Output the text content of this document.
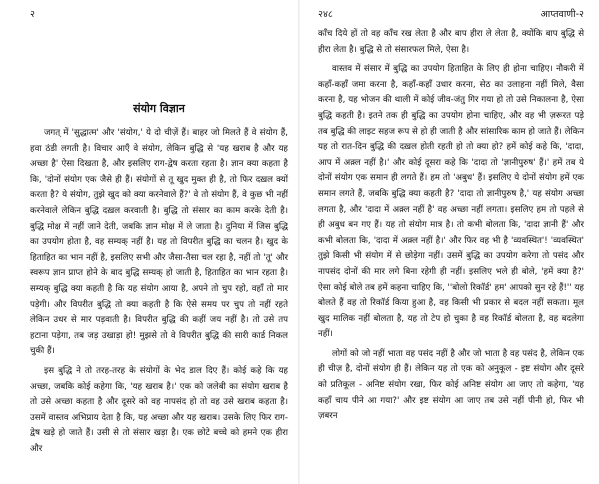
२
संयोग विज्ञान

जगत् में 'सुद्धात्म' और 'संयोग,' ये दो चीज़ें हैं। बाहर जो मिलते हैं वे संयोग हैं, हवा ठंडी लगती है। विचार आएँ वे संयोग, लेकिन बुद्धि से 'यह खराब है और यह अच्छा है' ऐसा दिखता है, और इसलिए राग-द्वेष करता रहता है। ज्ञान क्या कहता है कि, 'दोनों संयोग एक जैसे ही हैं। संयोगों से तू खुद मुक्त ही है, तो फिर दख़ल क्यों करता है? ये संयोग, तुझे खुद को क्या करनेवाले हैं?' वे तो संयोग हैं, वे कुछ भी नहीं करनेवाले लेकिन बुद्धि दख़ल करवाती है। बुद्धि तो संसार का काम करके देती है। बुद्धि मोक्ष में नहीं जाने देती, जबकि ज्ञान मोक्ष में ले जाता है। दुनिया में जिस बुद्धि का उपयोग होता है, वह सम्यक् नहीं है। यह तो विपरीत बुद्धि का चलन है। खुद के हिताहित का भान नहीं है, इसलिए सभी और जैसा-तैसा चल रहा है, नहीं तो 'तू' और स्वरूप ज्ञान प्राप्त होने के बाद बुद्धि सम्यक् हो जाती है, हिताहित का भान रहता है। सम्यक् बुद्धि क्या कहती है कि यह संयोग आया है, अपने तो चुप रहो, वहाँ तो मार पड़ेगी। और विपरीत बुद्धि तो क्या कहती है कि ऐसे समय पर चुप तो नहीं रहते लेकिन उधर से मार पड़वाती है। विपरीत बुद्धि की कहीं जय नहीं है। तो उसे तप हटाना पड़ेगा, तब जड़ उखाड़ा हो! मुझसे तो वे विपरीत बुद्धि की सारी कार्ड निकल चुकी हैं।

इस बुद्धि ने तो तरह-तरह के संयोगों के भेद डाल दिए हैं। कोई कहे कि यह अच्छा, जबकि कोई कहेगा कि, 'यह खराब है।' एक को जलेबी का संयोग खराब है तो उसे अच्छा कहता है और दूसरे को वह नापसंद हो तो वह उसे खराब कहता है। उसमें वास्तव अभिप्राय देता है कि, यह अच्छा और यह खराब। उसके लिए फिर राग-द्वेष खड़े हो जाते हैं। उसी से तो संसार खड़ा है। एक छोटे बच्चे को हमने एक हीरा और

२४८	आप्तवाणी-२

काँच दिये हों तो वह काँच रख लेता है और बाप हीरा ले लेता है, क्योंकि बाप बुद्धि से हीरा लेता है। बुद्धि से तो संसारफल मिले, ऐसा है।

वास्तव में संसार में बुद्धि का उपयोग हिताहित के लिए ही होना चाहिए। नौकरी में कहाँ-कहाँ जमा करना है, कहाँ-कहाँ उधार करना, सेठ का उलाहना नहीं मिले, वैसा करना है, यह भोजन की थाली में कोई जीव-जंतु गिर गया हो तो उसे निकालना है, ऐसा बुद्धि कहती है। इतने तक ही बुद्धि का उपयोग होना चाहिए, और वह भी ज़रूरत पड़े तब बुद्धि की लाइट सहज रूप से हो ही जाती है और सांसारिक काम हो जाते हैं। लेकिन यह तो रात-दिन बुद्धि की दख़ल होती रहती हो तो क्या हो? हमें कोई कहे कि, 'दादा, आप में अक़्ल नहीं है।' और कोई दूसरा कहे कि 'दादा तो 'ज्ञानीपुरुष' हैं।' हमें तब ये दोनों संयोग एक समान ही लगते हैं। हम तो 'अबुध' हैं। इसलिए ये दोनों संयोग हमें एक समान लगते हैं, जबकि बुद्धि क्या कहती है? 'दादा तो ज्ञानीपुरुष है,' यह संयोग अच्छा लगता है, और 'दादा में अक़्ल नहीं है' वह अच्छा नहीं लगता। इसलिए हम तो पहले से ही अबुध बन गए हैं। यह तो संयोग मात्र है। तो कभी बोलता कि, 'दादा ज्ञानी हैं' और कभी बोलता कि, 'दादा में अक़्ल नहीं है।' और फिर वह भी है 'व्यवस्थित'! 'व्यवस्थित' तुझे किसी भी संयोग में से छोड़ेगा नहीं। उसमें बुद्धि का उपयोग करेगा तो पसंद और नापसंद दोनों की मार लगे बिना रहेगी ही नहीं। इसलिए भले ही बोले, 'हमें क्या है?' ऐसा कोई बोले तब हमें कहना चाहिए कि, ''बोलो रिकॉर्ड' हम' आपको सुन रहे हैं!'' यह बोलते हैं वह तो रिकॉर्ड किया हुआ है, वह किसी भी प्रकार से बदल नहीं सकता। मूल खुद मालिक नहीं बोलता है, यह तो टेप हो चुका है वह रिकॉर्ड बोलता है, वह बदलेगा नहीं।

लोगों को जो नहीं भाता वह पसंद नहीं है और जो भाता है वह पसंद है, लेकिन एक ही चीज़ है, दोनों संयोग ही हैं। लेकिन यह तो एक को अनुकूल - इष्ट संयोग और दूसरे को प्रतिकूल - अनिष्ट संयोग रखा, फिर कोई अनिष्ट संयोग आ जाए तो कहेगा, 'यह कहाँ चाय पीने आ गया?' और इष्ट संयोग आ जाए तब उसे नहीं पीनी हो, फिर भी ज़बरन
